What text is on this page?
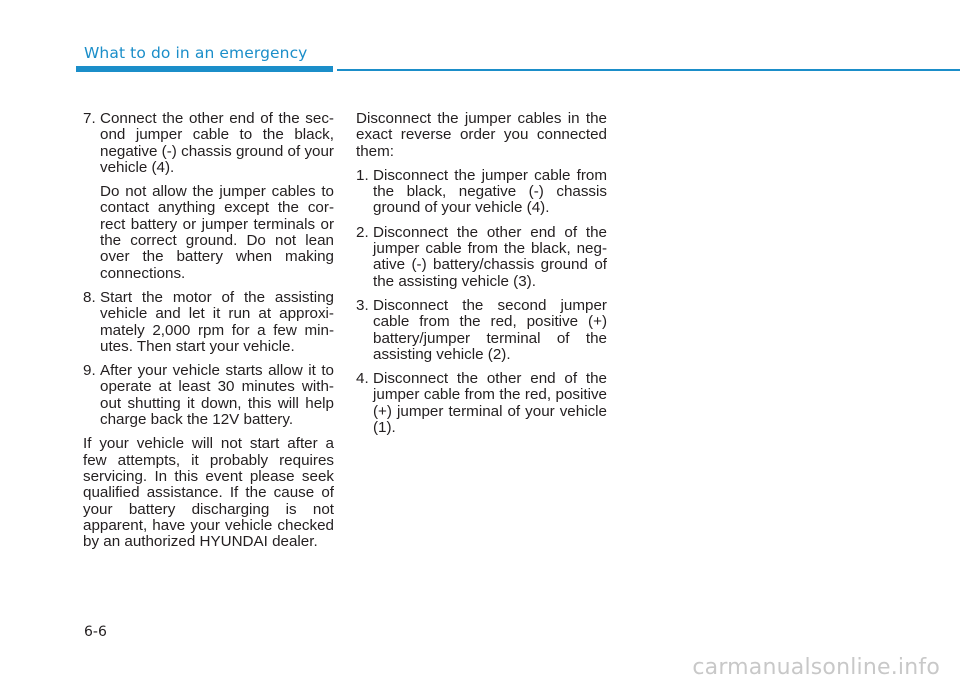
What to do in an emergency
7. Connect the other end of the sec-ond jumper cable to the black, negative (-) chassis ground of your vehicle (4).

Do not allow the jumper cables to contact anything except the cor-rect battery or jumper terminals or the correct ground. Do not lean over the battery when making connections.

8. Start the motor of the assisting vehicle and let it run at approxi-mately 2,000 rpm for a few min-utes. Then start your vehicle.

9. After your vehicle starts allow it to operate at least 30 minutes with-out shutting it down, this will help charge back the 12V battery.

If your vehicle will not start after a few attempts, it probably requires servicing. In this event please seek qualified assistance. If the cause of your battery discharging is not apparent, have your vehicle checked by an authorized HYUNDAI dealer.

Disconnect the jumper cables in the exact reverse order you connected them:

1. Disconnect the jumper cable from the black, negative (-) chassis ground of your vehicle (4).
2. Disconnect the other end of the jumper cable from the black, neg-ative (-) battery/chassis ground of the assisting vehicle (3).
3. Disconnect the second jumper cable from the red, positive (+) battery/jumper terminal of the assisting vehicle (2).
4. Disconnect the other end of the jumper cable from the red, positive (+) jumper terminal of your vehicle (1).
6-6
carmanualsonline.info
